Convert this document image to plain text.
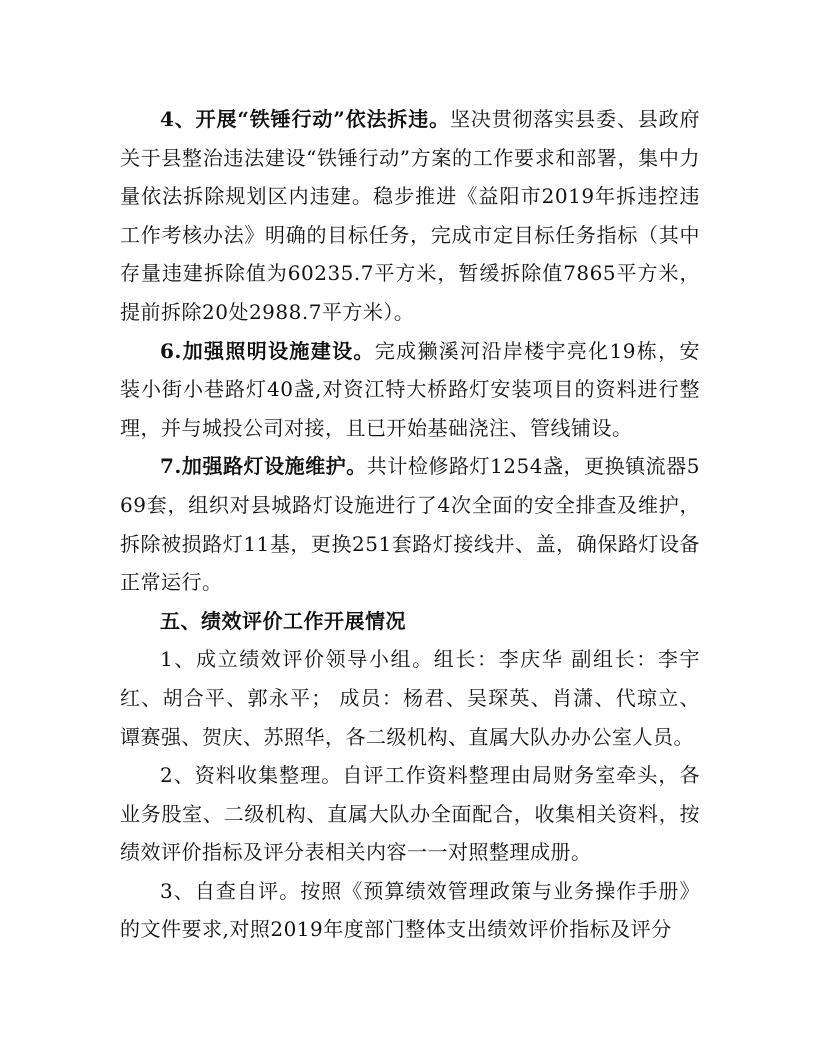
4、开展“铁锤行动”依法拆违。坚决贯彻落实县委、县政府关于县整治违法建设“铁锤行动”方案的工作要求和部署，集中力量依法拆除规划区内违建。稳步推进《益阳市2019年拆违控违工作考核办法》明确的目标任务，完成市定目标任务指标（其中存量违建拆除值为60235.7平方米，暂缓拆除值7865平方米，提前拆除20处2988.7平方米）。

6.加强照明设施建设。完成獭溪河沿岸楼宇亮化19栋，安装小街小巷路灯40盏,对资江特大桥路灯安装项目的资料进行整理，并与城投公司对接，且已开始基础浇注、管线铺设。

7.加强路灯设施维护。共计检修路灯1254盏，更换镇流器569套，组织对县城路灯设施进行了4次全面的安全排查及维护，拆除被损路灯11基，更换251套路灯接线井、盖，确保路灯设备正常运行。

五、绩效评价工作开展情况

1、成立绩效评价领导小组。组长：李庆华 副组长：李宇红、胡合平、郭永平； 成员：杨君、吴琛英、肖潇、代琼立、谭赛强、贺庆、苏照华，各二级机构、直属大队办办公室人员。

2、资料收集整理。自评工作资料整理由局财务室牵头，各业务股室、二级机构、直属大队办全面配合，收集相关资料，按绩效评价指标及评分表相关内容一一对照整理成册。

3、自查自评。按照《预算绩效管理政策与业务操作手册》的文件要求,对照2019年度部门整体支出绩效评价指标及评分
